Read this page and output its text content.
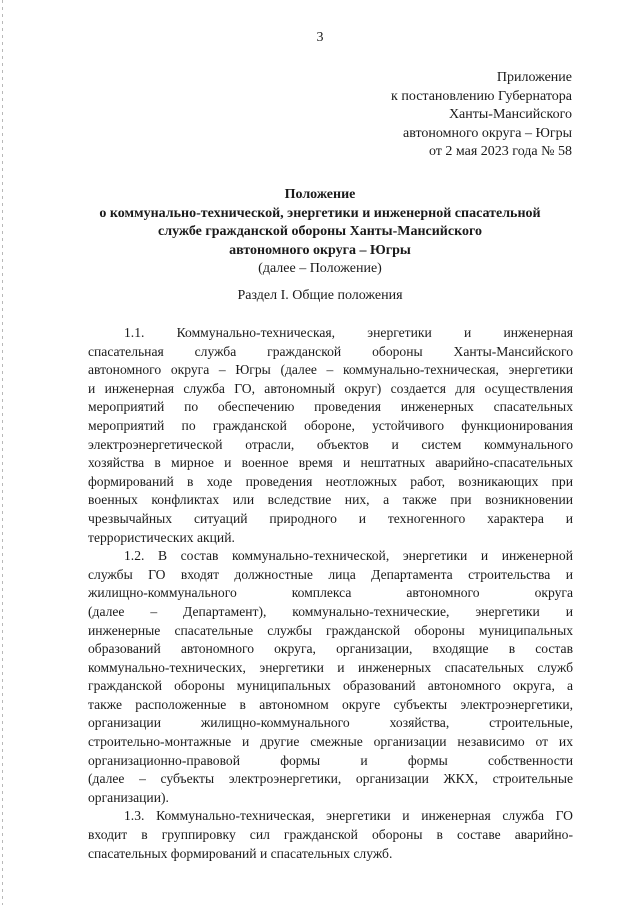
3
Приложение
к постановлению Губернатора
Ханты-Мансийского
автономного округа – Югры
от 2 мая 2023 года № 58
Положение
о коммунально-технической, энергетики и инженерной спасательной
службе гражданской обороны Ханты-Мансийского
автономного округа – Югры
(далее – Положение)
Раздел I. Общие положения
1.1. Коммунально-техническая, энергетики и инженерная
спасательная служба гражданской обороны Ханты-Мансийского
автономного округа – Югры (далее – коммунально-техническая, энергетики
и инженерная служба ГО, автономный округ) создается для осуществления
мероприятий по обеспечению проведения инженерных спасательных
мероприятий по гражданской обороне, устойчивого функционирования
электроэнергетической отрасли, объектов и систем коммунального
хозяйства в мирное и военное время и нештатных аварийно-спасательных
формирований в ходе проведения неотложных работ, возникающих при
военных конфликтах или вследствие них, а также при возникновении
чрезвычайных ситуаций природного и техногенного характера и
террористических акций.
1.2. В состав коммунально-технической, энергетики и инженерной
службы ГО входят должностные лица Департамента строительства и
жилищно-коммунального комплекса автономного округа
(далее – Департамент), коммунально-технические, энергетики и
инженерные спасательные службы гражданской обороны муниципальных
образований автономного округа, организации, входящие в состав
коммунально-технических, энергетики и инженерных спасательных служб
гражданской обороны муниципальных образований автономного округа, а
также расположенные в автономном округе субъекты электроэнергетики,
организации жилищно-коммунального хозяйства, строительные,
строительно-монтажные и другие смежные организации независимо от их
организационно-правовой формы и формы собственности
(далее – субъекты электроэнергетики, организации ЖКХ, строительные
организации).
1.3. Коммунально-техническая, энергетики и инженерная служба ГО
входит в группировку сил гражданской обороны в составе аварийно-
спасательных формирований и спасательных служб.
